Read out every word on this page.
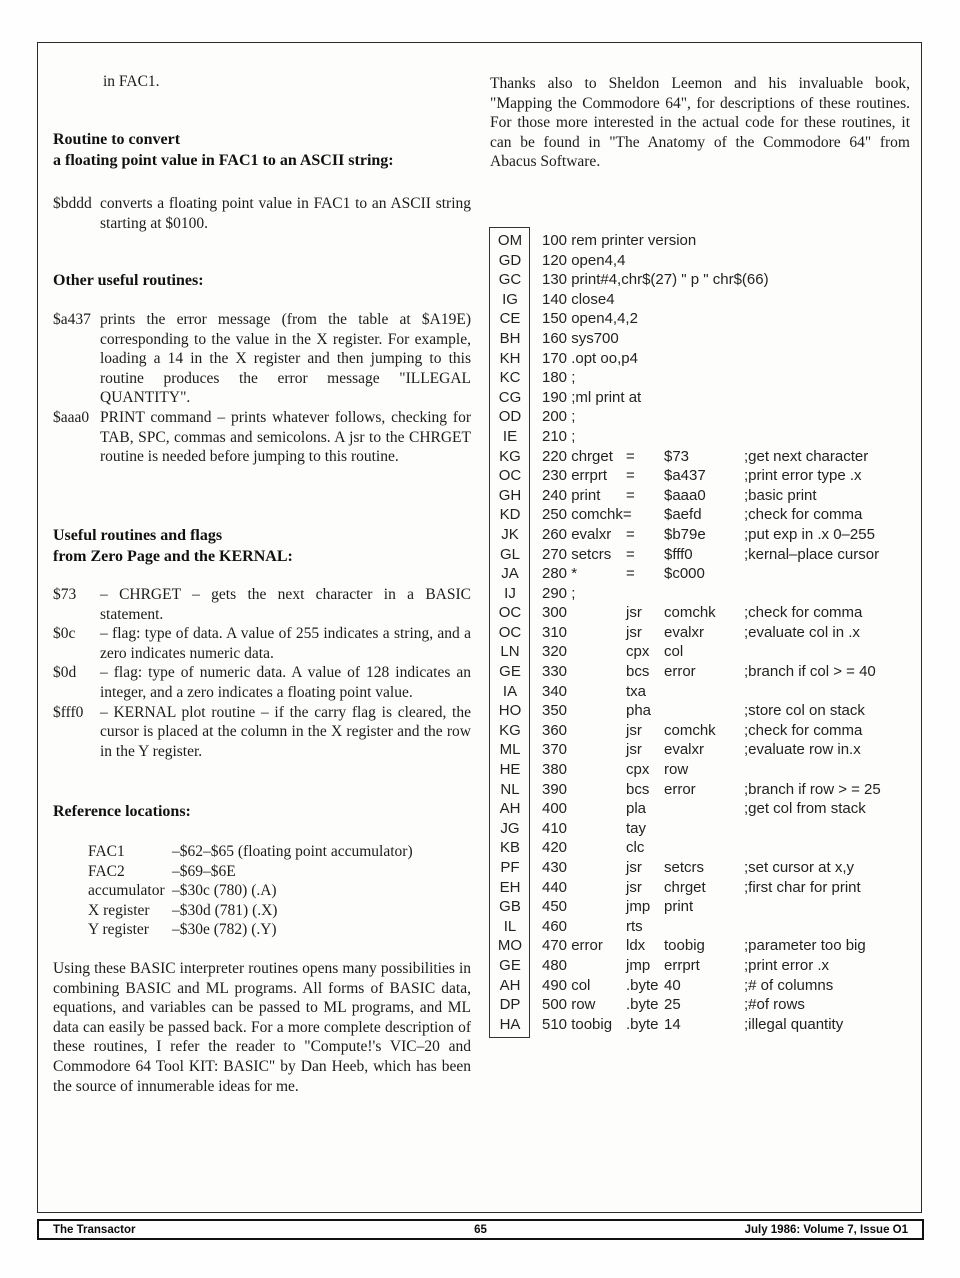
in FAC1.
Routine to convert
a floating point value in FAC1 to an ASCII string:
$bddd converts a floating point value in FAC1 to an ASCII string starting at $0100.
Other useful routines:
$a437 prints the error message (from the table at $A19E) corresponding to the value in the X register. For example, loading a 14 in the X register and then jumping to this routine produces the error message "ILLEGAL QUANTITY".
$aaa0 PRINT command – prints whatever follows, checking for TAB, SPC, commas and semicolons. A jsr to the CHRGET routine is needed before jumping to this routine.
Useful routines and flags
from Zero Page and the KERNAL:
$73	– CHRGET – gets the next character in a BASIC statement.
$0c	– flag: type of data. A value of 255 indicates a string, and a zero indicates numeric data.
$0d	– flag: type of numeric data. A value of 128 indicates an integer, and a zero indicates a floating point value.
$fff0	– KERNAL plot routine – if the carry flag is cleared, the cursor is placed at the column in the X register and the row in the Y register.
Reference locations:
FAC1	–$62–$65 (floating point accumulator)
FAC2	–$69–$6E
accumulator –$30c (780) (.A)
X register	–$30d (781) (.X)
Y register	–$30e (782) (.Y)
Using these BASIC interpreter routines opens many possibilities in combining BASIC and ML programs. All forms of BASIC data, equations, and variables can be passed to ML programs, and ML data can easily be passed back. For a more complete description of these routines, I refer the reader to "Compute!'s VIC–20 and Commodore 64 Tool KIT: BASIC" by Dan Heeb, which has been the source of innumerable ideas for me.
Thanks also to Sheldon Leemon and his invaluable book, "Mapping the Commodore 64", for descriptions of these routines. For those more interested in the actual code for these routines, it can be found in "The Anatomy of the Commodore 64" from Abacus Software.
OM	100 rem printer version
GD	120 open4,4
GC	130 print#4,chr$(27) " p " chr$(66)
IG	140 close4
CE	150 open4,4,2
BH	160 sys700
KH	170 .opt oo,p4
KC	180 ;
CG	190 ;ml print at
OD	200 ;
IE	210 ;
KG	220 chrget =	$73	;get next character
OC	230 errprt	=	$a437	;print error type .x
GH	240 print	=	$aaa0	;basic print
KD	250 comchk= $aefd	;check for comma
JK	260 evalxr =	$b79e	;put exp in .x 0–255
GL	270 setcrs =	$fff0	;kernal–place cursor
JA	280 *	=	$c000
IJ	290 ;
OC	300	jsr	comchk	;check for comma
OC	310	jsr	evalxr	;evaluate col in .x
LN	320	cpx col
GE	330	bcs error	;branch if col > = 40
IA	340	txa
HO	350	pha	;store col on stack
KG	360	jsr	comchk	;check for comma
ML	370	jsr	evalxr	;evaluate row in.x
HE	380	cpx row
NL	390	bcs error	;branch if row > = 25
AH	400	pla	;get col from stack
JG	410	tay
KB	420	clc
PF	430	jsr	setcrs	;set cursor at x,y
EH	440	jsr	chrget	;first char for print
GB	450	jmp print
IL	460	rts
MO	470 error	ldx	toobig	;parameter too big
GE	480	jmp errprt	;print error .x
AH	490 col	.byte 40	;# of columns
DP	500 row	.byte 25	;#of rows
HA	510 toobig .byte 14	;illegal quantity
The Transactor	65	July 1986: Volume 7, Issue O1
